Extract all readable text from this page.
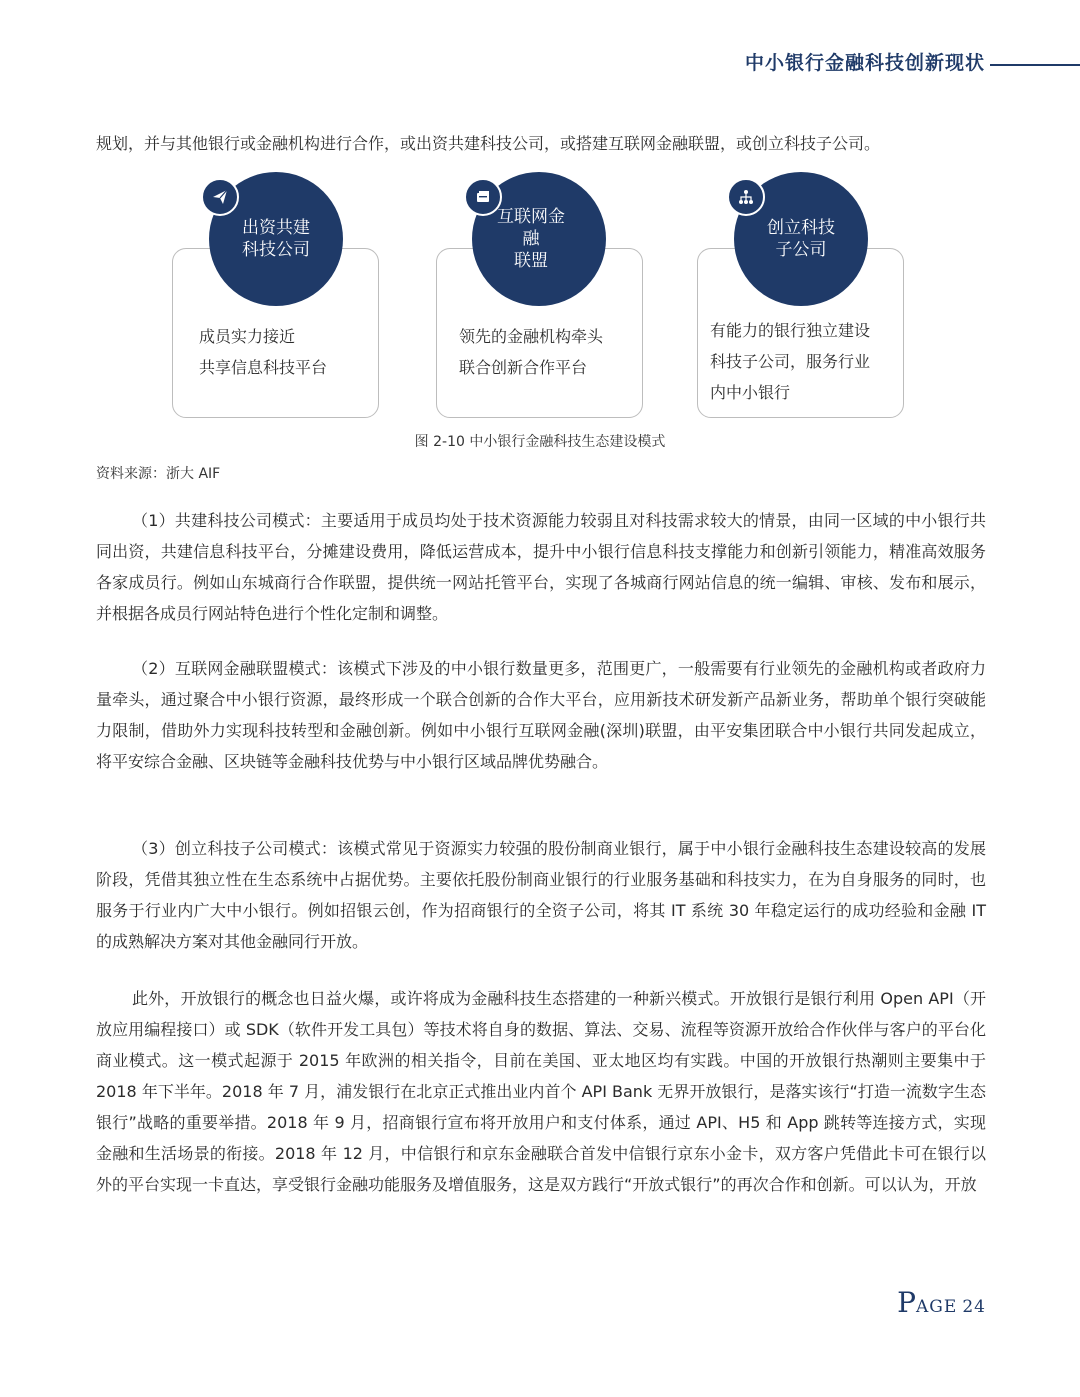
中小银行金融科技创新现状
规划，并与其他银行或金融机构进行合作，或出资共建科技公司，或搭建互联网金融联盟，或创立科技子公司。
成员实力接近
共享信息科技平台
出资共建
科技公司
领先的金融机构牵头
联合创新合作平台
互联网金融
联盟
有能力的银行独立建设
科技子公司，服务行业
内中小银行
创立科技
子公司
图 2-10 中小银行金融科技生态建设模式
资料来源：浙大 AIF

（1）共建科技公司模式：主要适用于成员均处于技术资源能力较弱且对科技需求较大的情景，由同一区域的中小银行共同出资，共建信息科技平台，分摊建设费用，降低运营成本，提升中小银行信息科技支撑能力和创新引领能力，精准高效服务各家成员行。例如山东城商行合作联盟，提供统一网站托管平台，实现了各城商行网站信息的统一编辑、审核、发布和展示，并根据各成员行网站特色进行个性化定制和调整。

（2）互联网金融联盟模式：该模式下涉及的中小银行数量更多，范围更广，一般需要有行业领先的金融机构或者政府力量牵头，通过聚合中小银行资源，最终形成一个联合创新的合作大平台，应用新技术研发新产品新业务，帮助单个银行突破能力限制，借助外力实现科技转型和金融创新。例如中小银行互联网金融(深圳)联盟，由平安集团联合中小银行共同发起成立，将平安综合金融、区块链等金融科技优势与中小银行区域品牌优势融合。

（3）创立科技子公司模式：该模式常见于资源实力较强的股份制商业银行，属于中小银行金融科技生态建设较高的发展阶段，凭借其独立性在生态系统中占据优势。主要依托股份制商业银行的行业服务基础和科技实力，在为自身服务的同时，也服务于行业内广大中小银行。例如招银云创，作为招商银行的全资子公司，将其 IT 系统 30 年稳定运行的成功经验和金融 IT 的成熟解决方案对其他金融同行开放。

此外，开放银行的概念也日益火爆，或许将成为金融科技生态搭建的一种新兴模式。开放银行是银行利用 Open API（开放应用编程接口）或 SDK（软件开发工具包）等技术将自身的数据、算法、交易、流程等资源开放给合作伙伴与客户的平台化商业模式。这一模式起源于 2015 年欧洲的相关指令，目前在美国、亚太地区均有实践。中国的开放银行热潮则主要集中于 2018 年下半年。2018 年 7 月，浦发银行在北京正式推出业内首个 API Bank 无界开放银行，是落实该行“打造一流数字生态银行”战略的重要举措。2018 年 9 月，招商银行宣布将开放用户和支付体系，通过 API、H5 和 App 跳转等连接方式，实现金融和生活场景的衔接。2018 年 12 月，中信银行和京东金融联合首发中信银行京东小金卡，双方客户凭借此卡可在银行以外的平台实现一卡直达，享受银行金融功能服务及增值服务，这是双方践行“开放式银行”的再次合作和创新。可以认为，开放

PAGE 24
